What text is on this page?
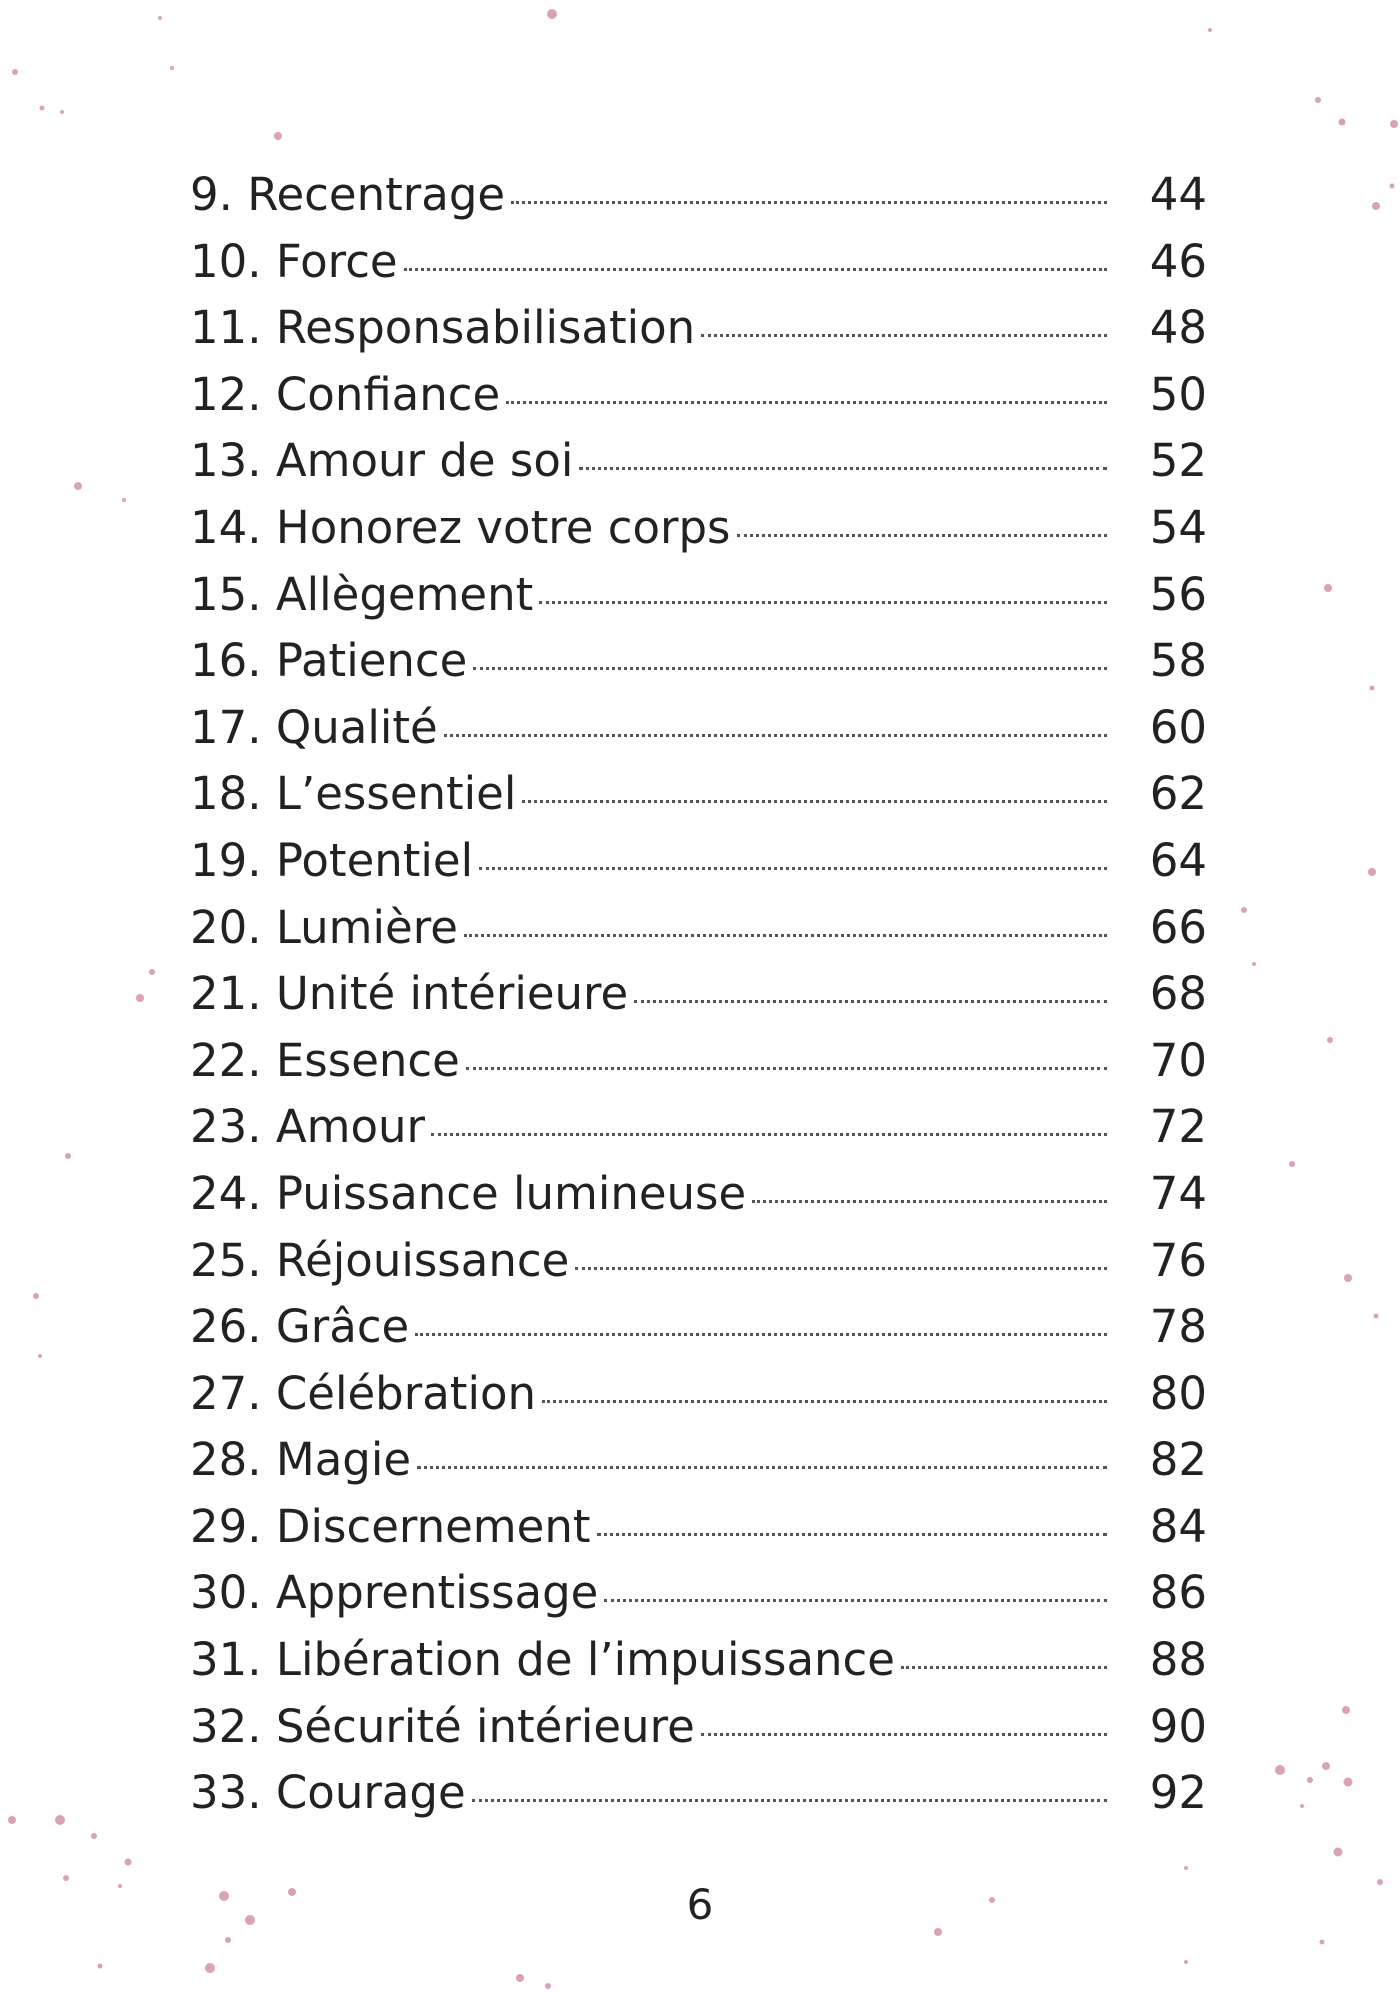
9. Recentrage	44
10. Force	46
11. Responsabilisation	48
12. Confiance	50
13. Amour de soi	52
14. Honorez votre corps	54
15. Allègement	56
16. Patience	58
17. Qualité	60
18. L’essentiel	62
19. Potentiel	64
20. Lumière	66
21. Unité intérieure	68
22. Essence	70
23. Amour	72
24. Puissance lumineuse	74
25. Réjouissance	76
26. Grâce	78
27. Célébration	80
28. Magie	82
29. Discernement	84
30. Apprentissage	86
31. Libération de l’impuissance	88
32. Sécurité intérieure	90
33. Courage	92
6
